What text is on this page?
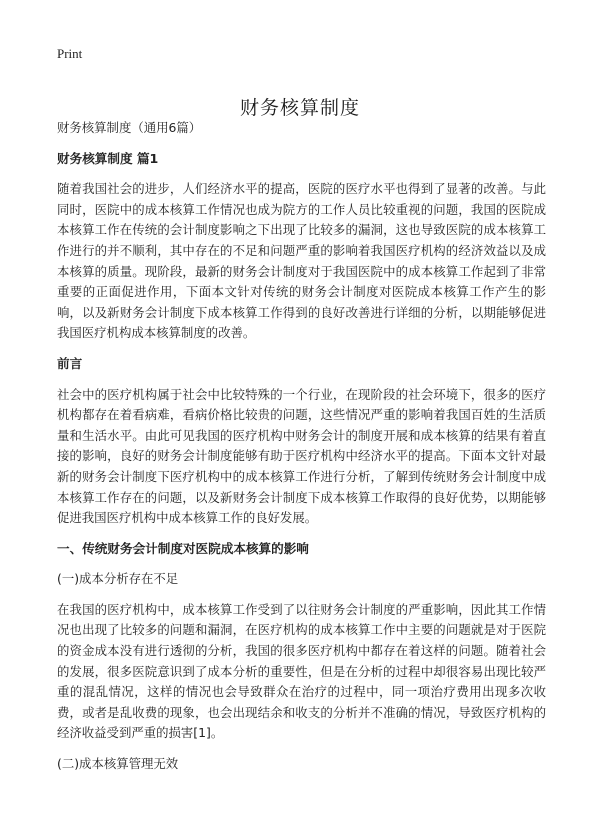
Print
财务核算制度

财务核算制度（通用6篇）

财务核算制度 篇1

随着我国社会的进步，人们经济水平的提高，医院的医疗水平也得到了显著的改善。与此同时，医院中的成本核算工作情况也成为院方的工作人员比较重视的问题，我国的医院成本核算工作在传统的会计制度影响之下出现了比较多的漏洞，这也导致医院的成本核算工作进行的并不顺利，其中存在的不足和问题严重的影响着我国医疗机构的经济效益以及成本核算的质量。现阶段，最新的财务会计制度对于我国医院中的成本核算工作起到了非常重要的正面促进作用，下面本文针对传统的财务会计制度对医院成本核算工作产生的影响，以及新财务会计制度下成本核算工作得到的良好改善进行详细的分析，以期能够促进我国医疗机构成本核算制度的改善。

前言

社会中的医疗机构属于社会中比较特殊的一个行业，在现阶段的社会环境下，很多的医疗机构都存在着看病难，看病价格比较贵的问题，这些情况严重的影响着我国百姓的生活质量和生活水平。由此可见我国的医疗机构中财务会计的制度开展和成本核算的结果有着直接的影响，良好的财务会计制度能够有助于医疗机构中经济水平的提高。下面本文针对最新的财务会计制度下医疗机构中的成本核算工作进行分析，了解到传统财务会计制度中成本核算工作存在的问题，以及新财务会计制度下成本核算工作取得的良好优势，以期能够促进我国医疗机构中成本核算工作的良好发展。

一、传统财务会计制度对医院成本核算的影响

(一)成本分析存在不足

在我国的医疗机构中，成本核算工作受到了以往财务会计制度的严重影响，因此其工作情况也出现了比较多的问题和漏洞，在医疗机构的成本核算工作中主要的问题就是对于医院的资金成本没有进行透彻的分析，我国的很多医疗机构中都存在着这样的问题。随着社会的发展，很多医院意识到了成本分析的重要性，但是在分析的过程中却很容易出现比较严重的混乱情况，这样的情况也会导致群众在治疗的过程中，同一项治疗费用出现多次收费，或者是乱收费的现象，也会出现结余和收支的分析并不准确的情况，导致医疗机构的经济收益受到严重的损害[1]。

(二)成本核算管理无效
